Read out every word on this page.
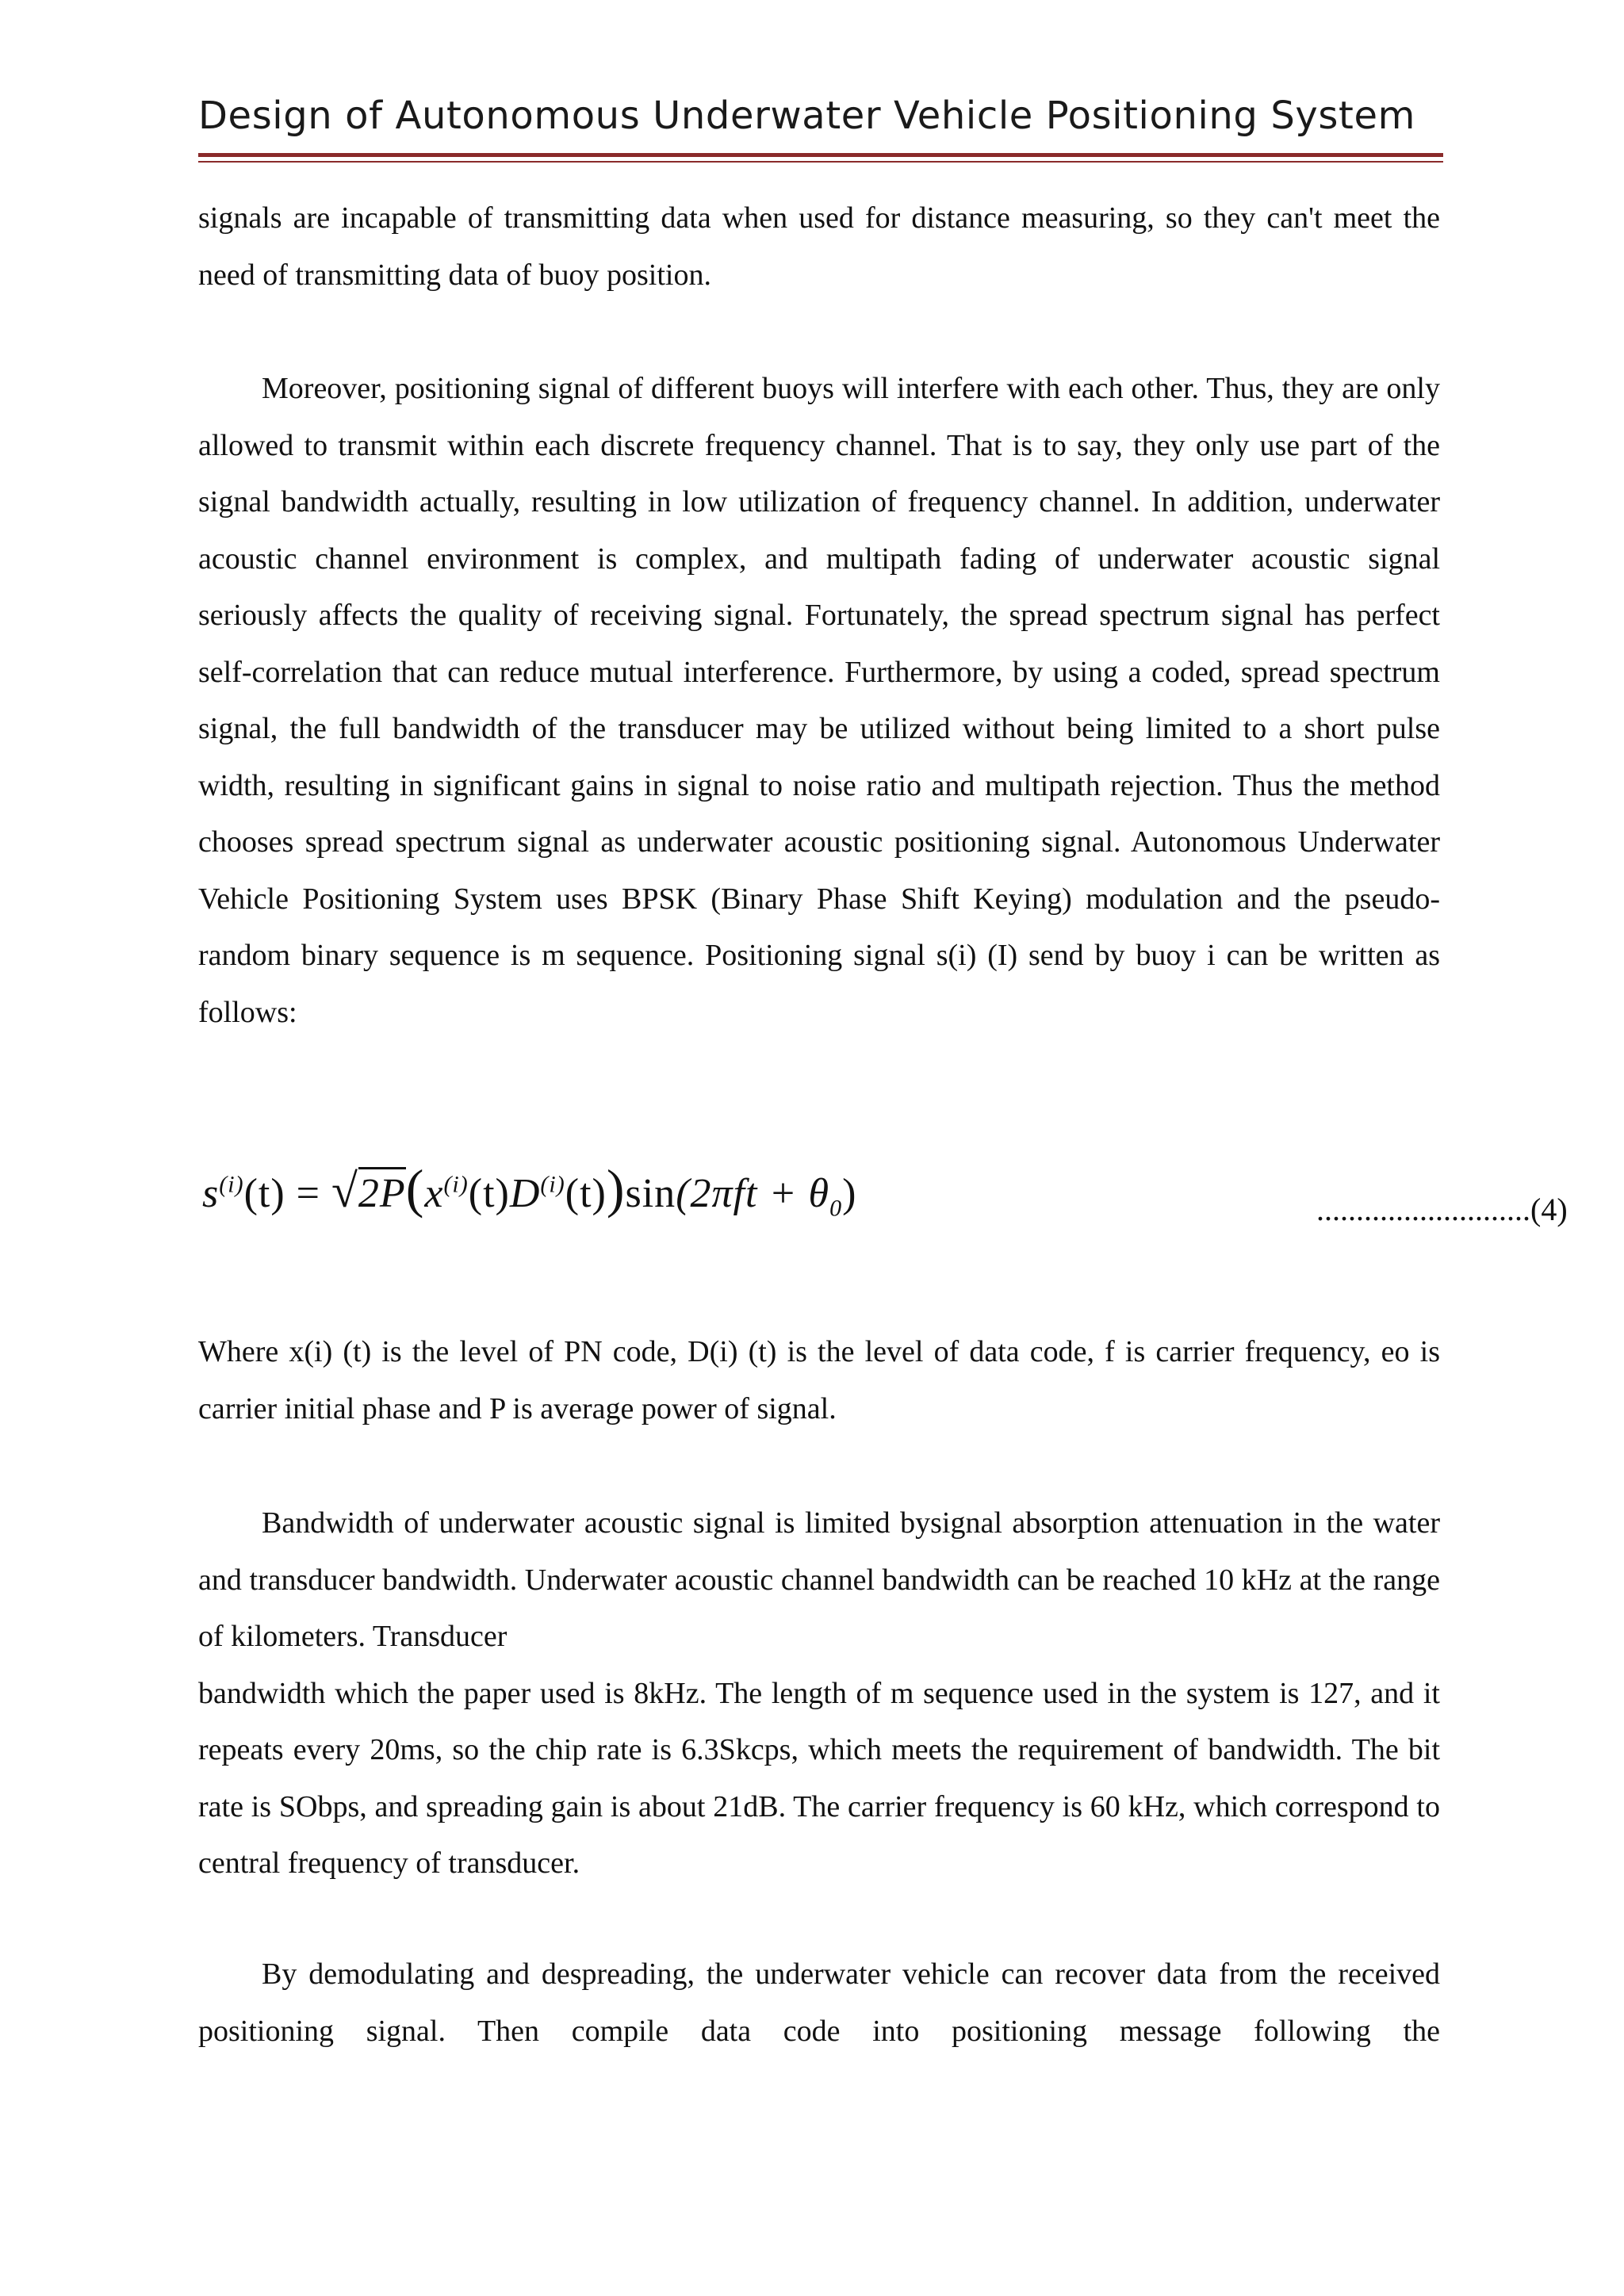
Design of Autonomous Underwater Vehicle Positioning System

signals are incapable of transmitting data when used for distance measuring, so they can't meet the need of transmitting data of buoy position.

Moreover, positioning signal of different buoys will interfere with each other. Thus, they are only allowed to transmit within each discrete frequency channel. That is to say, they only use part of the signal bandwidth actually, resulting in low utilization of frequency channel. In addition, underwater acoustic channel environment is complex, and multipath fading of underwater acoustic signal seriously affects the quality of receiving signal. Fortunately, the spread spectrum signal has perfect self-correlation that can reduce mutual interference. Furthermore, by using a coded, spread spectrum signal, the full bandwidth of the transducer may be utilized without being limited to a short pulse width, resulting in significant gains in signal to noise ratio and multipath rejection. Thus the method chooses spread spectrum signal as underwater acoustic positioning signal. Autonomous Underwater Vehicle Positioning System uses BPSK (Binary Phase Shift Keying) modulation and the pseudo-random binary sequence is m sequence. Positioning signal s(i) (I) send by buoy i can be written as follows:

$s^{(i)}(t) = √2P(x^{(i)}(t)D^{(i)}(t))\sin(2\pi ft + \theta_0)$	...........................(4)

Where x(i) (t) is the level of PN code, D(i) (t) is the level of data code, f is carrier frequency, eo is carrier initial phase and P is average power of signal.

Bandwidth of underwater acoustic signal is limited bysignal absorption attenuation in the water and transducer bandwidth. Underwater acoustic channel bandwidth can be reached 10 kHz at the range of kilometers. Transducer
bandwidth which the paper used is 8kHz. The length of m sequence used in the system is 127, and it repeats every 20ms, so the chip rate is 6.3Skcps, which meets the requirement of bandwidth. The bit rate is SObps, and spreading gain is about 21dB. The carrier frequency is 60 kHz, which correspond to central frequency of transducer.

By demodulating and despreading, the underwater vehicle can recover data from the received positioning signal. Then compile data code into positioning message following the
